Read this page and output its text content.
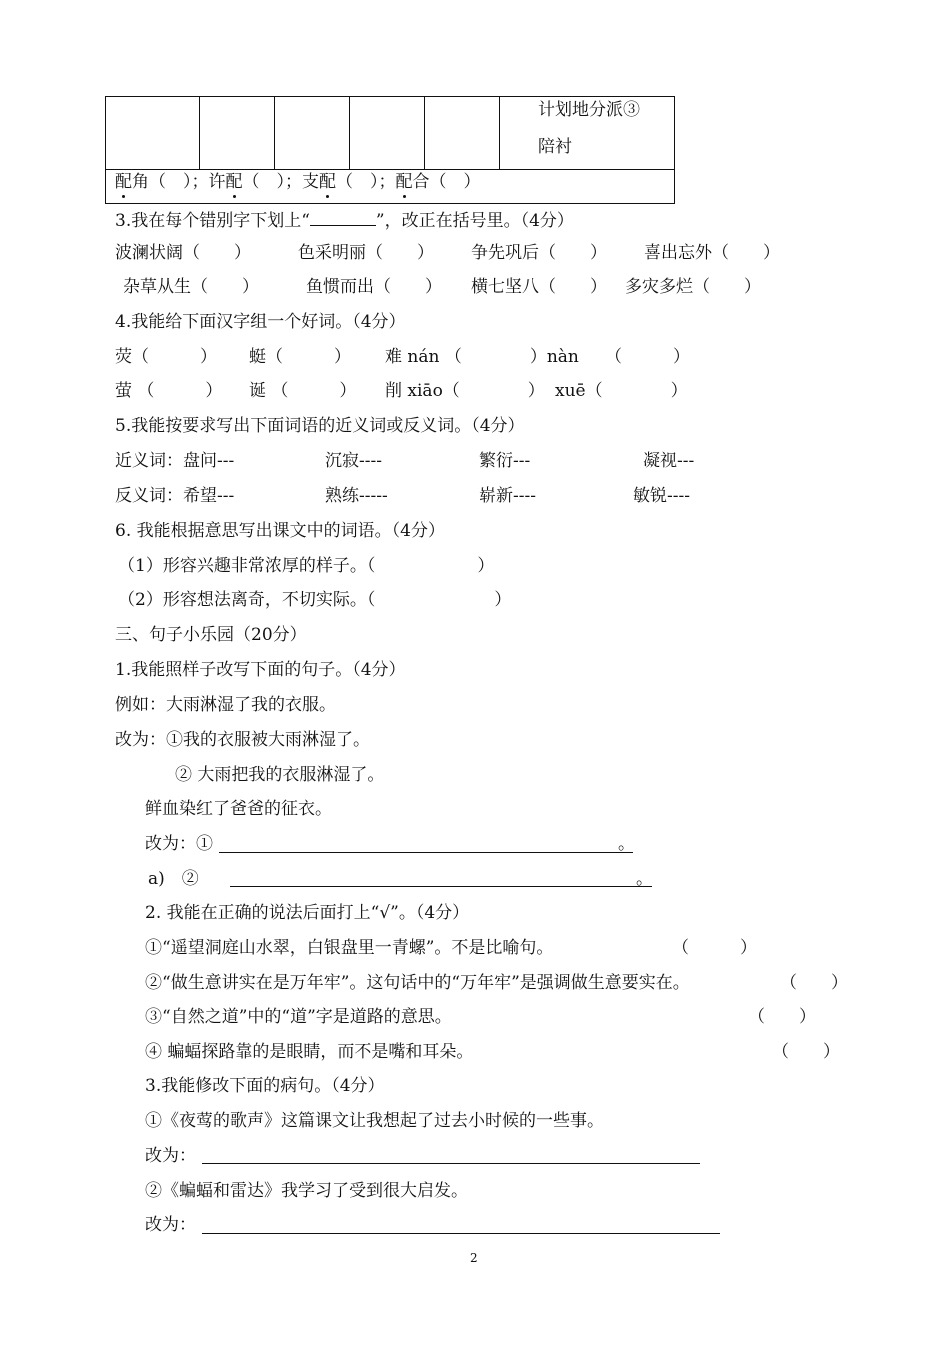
计划地分派③
陪衬
配角（　）；许配（　）；支配（　）；配合（　）
3.我在每个错别字下划上“	”，改正在括号里。（4分）
波澜状阔（　　）	色采明丽（　　） 争先巩后（　　） 喜出忘外（　　）
杂草从生（　　）	鱼惯而出（　　） 横七坚八（　　） 多灾多烂（　　）
4.我能给下面汉字组一个好词。（4分）
荧（　　　） 蜓（　　　） 难 nán （　　　　）nàn （　　　）
萤 （　　　） 诞 （　　　） 削 xiāo（　　　　） xuē（　　　　）
5.我能按要求写出下面词语的近义词或反义词。（4分）
近义词：盘问---	沉寂----	繁衍---	凝视---
反义词：希望---	熟练-----	崭新----	敏锐----
6. 我能根据意思写出课文中的词语。（4分）
（1）形容兴趣非常浓厚的样子。（　　　　　　）
（2）形容想法离奇，不切实际。（　　　　　　　）
三、句子小乐园（20分）
1.我能照样子改写下面的句子。（4分）
例如：大雨淋湿了我的衣服。
改为：①我的衣服被大雨淋湿了。
② 大雨把我的衣服淋湿了。
鲜血染红了爸爸的征衣。
改为：①	。
a)　②	。
2. 我能在正确的说法后面打上“√”。（4分）
①“遥望洞庭山水翠，白银盘里一青螺”。不是比喻句。	（　　　）
②“做生意讲实在是万年牢”。这句话中的“万年牢”是强调做生意要实在。	（　　）
③“自然之道”中的“道”字是道路的意思。	（　　）
④ 蝙蝠探路靠的是眼睛，而不是嘴和耳朵。	（　　）
3.我能修改下面的病句。（4分）
①《夜莺的歌声》这篇课文让我想起了过去小时候的一些事。
改为：
②《蝙蝠和雷达》我学习了受到很大启发。
改为：
2
